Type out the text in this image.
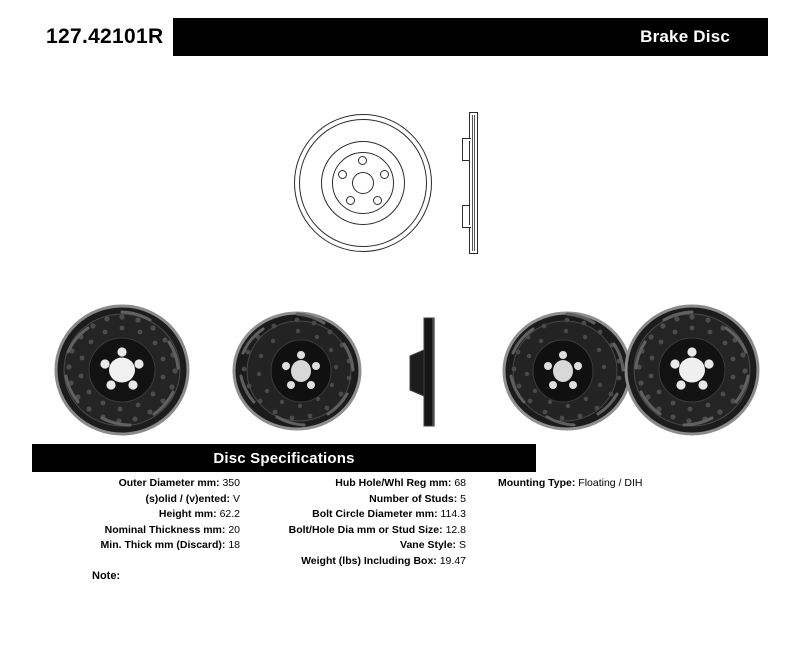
127.42101R	Brake Disc
Disc Specifications
Outer Diameter mm: 350
(s)olid / (v)ented: V
Height mm: 62.2
Nominal Thickness mm: 20
Min. Thick mm (Discard): 18
Hub Hole/Whl Reg mm: 68
Number of Studs: 5
Bolt Circle Diameter mm: 114.3
Bolt/Hole Dia mm or Stud Size: 12.8
Vane Style: S
Weight (lbs) Including Box: 19.47
Mounting Type: Floating / DIH
Note:
